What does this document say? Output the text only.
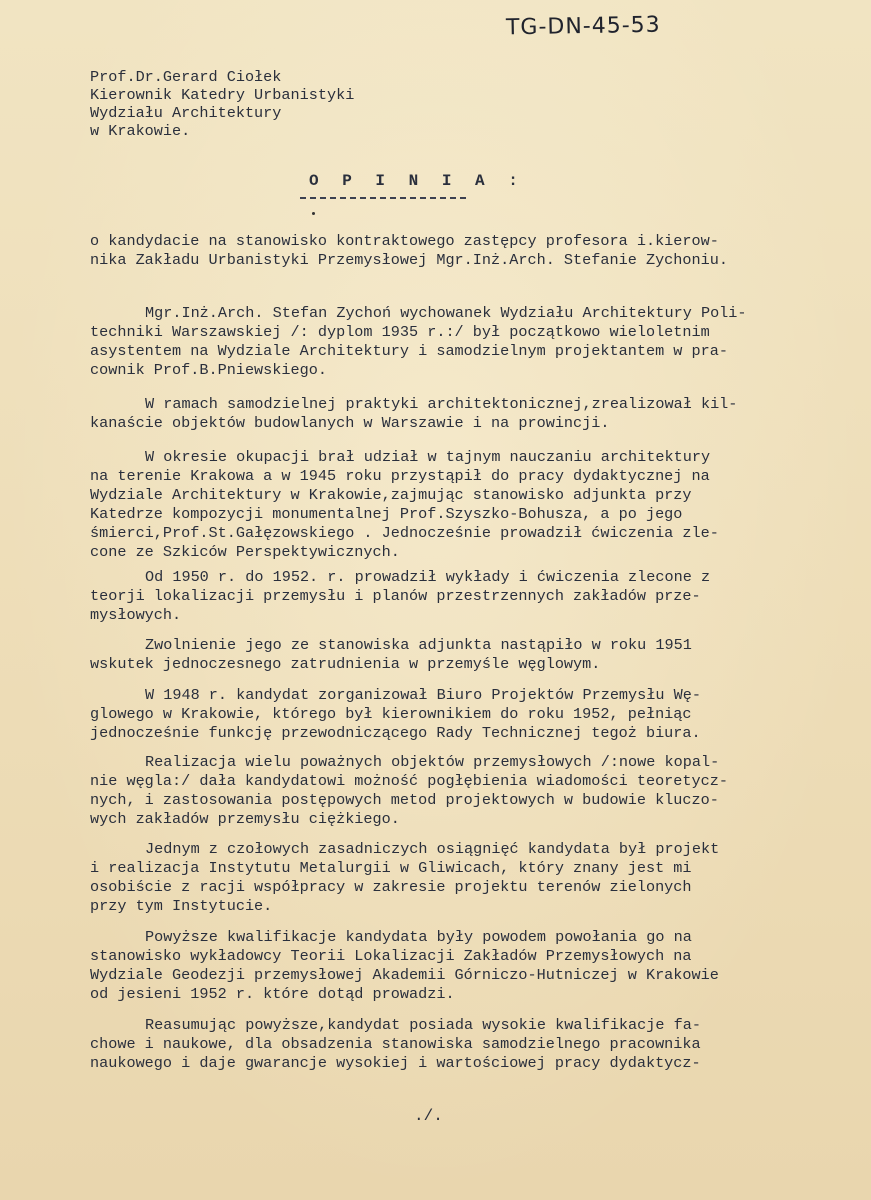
TG-DN-45-53
Prof.Dr.Gerard Ciołek
Kierownik Katedry Urbanistyki
Wydziału Architektury
w Krakowie.
O P I N I A :
o kandydacie na stanowisko kontraktowego zastępcy profesora i.kierow-
nika Zakładu Urbanistyki Przemysłowej Mgr.Inż.Arch. Stefanie Zychoniu.
Mgr.Inż.Arch. Stefan Zychoń wychowanek Wydziału Architektury Poli-
techniki Warszawskiej /: dyplom 1935 r.:/ był początkowo wieloletnim
asystentem na Wydziale Architektury i samodzielnym projektantem w pra-
cownik Prof.B.Pniewskiego.
W ramach samodzielnej praktyki architektonicznej,zrealizował kil-
kanaście objektów budowlanych w Warszawie i na prowincji.
W okresie okupacji brał udział w tajnym nauczaniu architektury
na terenie Krakowa a w 1945 roku przystąpił do pracy dydaktycznej na
Wydziale Architektury w Krakowie,zajmując stanowisko adjunkta przy
Katedrze kompozycji monumentalnej Prof.Szyszko-Bohusza, a po jego
śmierci,Prof.St.Gałęzowskiego . Jednocześnie prowadził ćwiczenia zle-
cone ze Szkiców Perspektywicznych.
Od 1950 r. do 1952. r. prowadził wykłady i ćwiczenia zlecone z
teorji lokalizacji przemysłu i planów przestrzennych zakładów prze-
mysłowych.
Zwolnienie jego ze stanowiska adjunkta nastąpiło w roku 1951
wskutek jednoczesnego zatrudnienia w przemyśle węglowym.
W 1948 r. kandydat zorganizował Biuro Projektów Przemysłu Wę-
glowego w Krakowie, którego był kierownikiem do roku 1952, pełniąc
jednocześnie funkcję przewodniczącego Rady Technicznej tegoż biura.
Realizacja wielu poważnych objektów przemysłowych /:nowe kopal-
nie węgla:/ dała kandydatowi możność pogłębienia wiadomości teoretycz-
nych, i zastosowania postępowych metod projektowych w budowie kluczo-
wych zakładów przemysłu ciężkiego.
Jednym z czołowych zasadniczych osiągnięć kandydata był projekt
i realizacja Instytutu Metalurgii w Gliwicach, który znany jest mi
osobiście z racji współpracy w zakresie projektu terenów zielonych
przy tym Instytucie.
Powyższe kwalifikacje kandydata były powodem powołania go na
stanowisko wykładowcy Teorii Lokalizacji Zakładów Przemysłowych na
Wydziale Geodezji przemysłowej Akademii Górniczo-Hutniczej w Krakowie
od jesieni 1952 r. które dotąd prowadzi.
Reasumując powyższe,kandydat posiada wysokie kwalifikacje fa-
chowe i naukowe, dla obsadzenia stanowiska samodzielnego pracownika
naukowego i daje gwarancje wysokiej i wartościowej pracy dydaktycz-
./.
